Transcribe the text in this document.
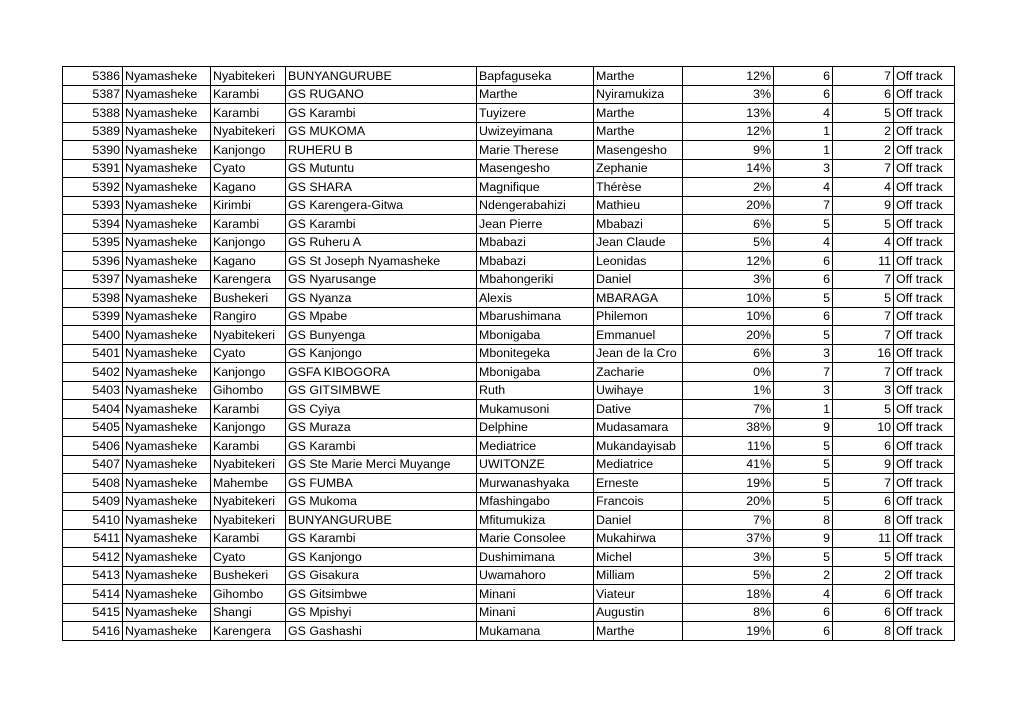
5386	Nyamasheke	Nyabitekeri	BUNYANGURUBE	Bapfaguseka	Marthe	12%	6	7	Off track
5387	Nyamasheke	Karambi	GS RUGANO	Marthe	Nyiramukiza	3%	6	6	Off track
5388	Nyamasheke	Karambi	GS Karambi	Tuyizere	Marthe	13%	4	5	Off track
5389	Nyamasheke	Nyabitekeri	GS MUKOMA	Uwizeyimana	Marthe	12%	1	2	Off track
5390	Nyamasheke	Kanjongo	RUHERU B	Marie Therese	Masengesho	9%	1	2	Off track
5391	Nyamasheke	Cyato	GS Mutuntu	Masengesho	Zephanie	14%	3	7	Off track
5392	Nyamasheke	Kagano	GS SHARA	Magnifique	Thérèse	2%	4	4	Off track
5393	Nyamasheke	Kirimbi	GS Karengera-Gitwa	Ndengerabahizi	Mathieu	20%	7	9	Off track
5394	Nyamasheke	Karambi	GS Karambi	Jean Pierre	Mbabazi	6%	5	5	Off track
5395	Nyamasheke	Kanjongo	GS Ruheru A	Mbabazi	Jean Claude	5%	4	4	Off track
5396	Nyamasheke	Kagano	GS St Joseph Nyamasheke	Mbabazi	Leonidas	12%	6	11	Off track
5397	Nyamasheke	Karengera	GS Nyarusange	Mbahongeriki	Daniel	3%	6	7	Off track
5398	Nyamasheke	Bushekeri	GS Nyanza	Alexis	MBARAGA	10%	5	5	Off track
5399	Nyamasheke	Rangiro	GS Mpabe	Mbarushimana	Philemon	10%	6	7	Off track
5400	Nyamasheke	Nyabitekeri	GS Bunyenga	Mbonigaba	Emmanuel	20%	5	7	Off track
5401	Nyamasheke	Cyato	GS Kanjongo	Mbonitegeka	Jean de la Cro	6%	3	16	Off track
5402	Nyamasheke	Kanjongo	GSFA KIBOGORA	Mbonigaba	Zacharie	0%	7	7	Off track
5403	Nyamasheke	Gihombo	GS GITSIMBWE	Ruth	Uwihaye	1%	3	3	Off track
5404	Nyamasheke	Karambi	GS Cyiya	Mukamusoni	Dative	7%	1	5	Off track
5405	Nyamasheke	Kanjongo	GS Muraza	Delphine	Mudasamara	38%	9	10	Off track
5406	Nyamasheke	Karambi	GS Karambi	Mediatrice	Mukandayisab	11%	5	6	Off track
5407	Nyamasheke	Nyabitekeri	GS Ste Marie Merci Muyange	UWITONZE	Mediatrice	41%	5	9	Off track
5408	Nyamasheke	Mahembe	GS FUMBA	Murwanashyaka	Erneste	19%	5	7	Off track
5409	Nyamasheke	Nyabitekeri	GS Mukoma	Mfashingabo	Francois	20%	5	6	Off track
5410	Nyamasheke	Nyabitekeri	BUNYANGURUBE	Mfitumukiza	Daniel	7%	8	8	Off track
5411	Nyamasheke	Karambi	GS Karambi	Marie Consolee	Mukahirwa	37%	9	11	Off track
5412	Nyamasheke	Cyato	GS Kanjongo	Dushimimana	Michel	3%	5	5	Off track
5413	Nyamasheke	Bushekeri	GS Gisakura	Uwamahoro	Milliam	5%	2	2	Off track
5414	Nyamasheke	Gihombo	GS Gitsimbwe	Minani	Viateur	18%	4	6	Off track
5415	Nyamasheke	Shangi	GS Mpishyi	Minani	Augustin	8%	6	6	Off track
5416	Nyamasheke	Karengera	GS Gashashi	Mukamana	Marthe	19%	6	8	Off track
